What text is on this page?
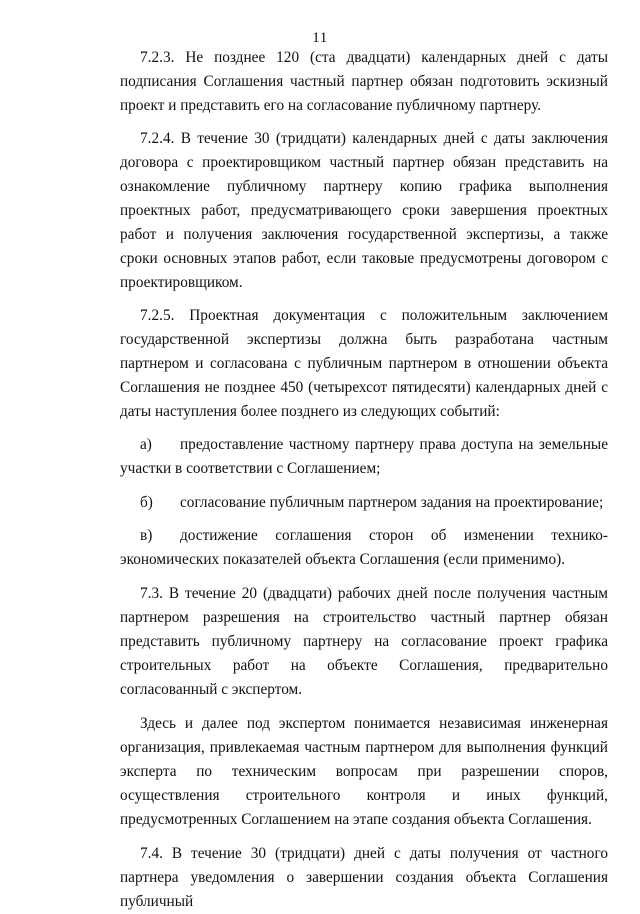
11

7.2.3. Не позднее 120 (ста двадцати) календарных дней с даты подписания Соглашения частный партнер обязан подготовить эскизный проект и представить его на согласование публичному партнеру.

7.2.4. В течение 30 (тридцати) календарных дней с даты заключения договора с проектировщиком частный партнер обязан представить на ознакомление публичному партнеру копию графика выполнения проектных работ, предусматривающего сроки завершения проектных работ и получения заключения государственной экспертизы, а также сроки основных этапов работ, если таковые предусмотрены договором с проектировщиком.

7.2.5. Проектная документация с положительным заключением государственной экспертизы должна быть разработана частным партнером и согласована с публичным партнером в отношении объекта Соглашения не позднее 450 (четырехсот пятидесяти) календарных дней с даты наступления более позднего из следующих событий:

а) предоставление частному партнеру права доступа на земельные участки в соответствии с Соглашением;

б) согласование публичным партнером задания на проектирование;

в) достижение соглашения сторон об изменении технико-экономических показателей объекта Соглашения (если применимо).

7.3. В течение 20 (двадцати) рабочих дней после получения частным партнером разрешения на строительство частный партнер обязан представить публичному партнеру на согласование проект графика строительных работ на объекте Соглашения, предварительно согласованный с экспертом.

Здесь и далее под экспертом понимается независимая инженерная организация, привлекаемая частным партнером для выполнения функций эксперта по техническим вопросам при разрешении споров, осуществления строительного контроля и иных функций, предусмотренных Соглашением на этапе создания объекта Соглашения.

7.4. В течение 30 (тридцати) дней с даты получения от частного партнера уведомления о завершении создания объекта Соглашения публичный
